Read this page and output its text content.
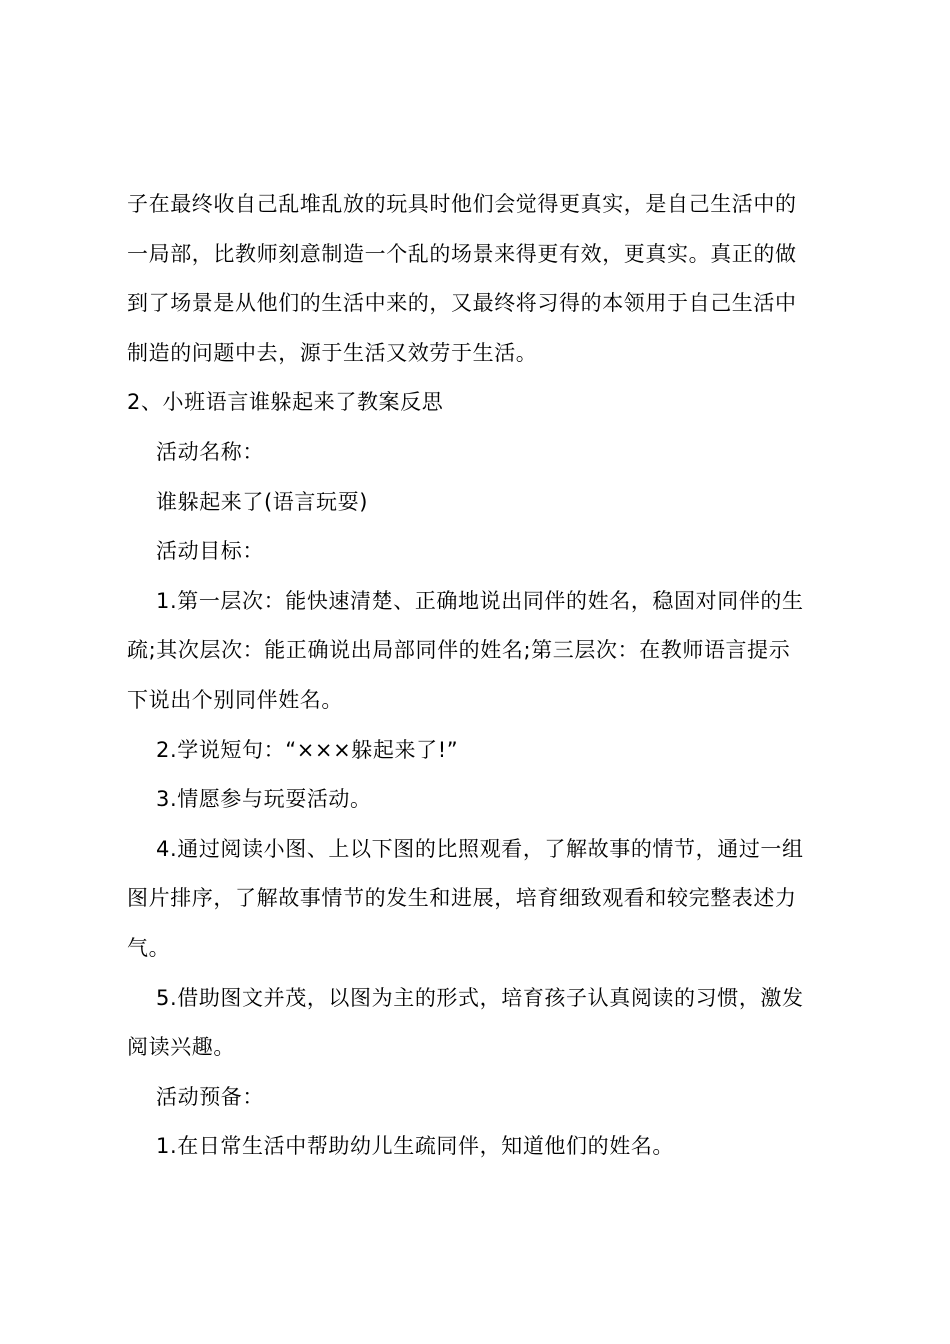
子在最终收自己乱堆乱放的玩具时他们会觉得更真实，是自己生活中的
一局部，比教师刻意制造一个乱的场景来得更有效，更真实。真正的做
到了场景是从他们的生活中来的，又最终将习得的本领用于自己生活中
制造的问题中去，源于生活又效劳于生活。
2、小班语言谁躲起来了教案反思
活动名称：
谁躲起来了(语言玩耍)
活动目标：
1.第一层次：能快速清楚、正确地说出同伴的姓名，稳固对同伴的生
疏;其次层次：能正确说出局部同伴的姓名;第三层次：在教师语言提示
下说出个别同伴姓名。
2.学说短句：“×××躲起来了!”
3.情愿参与玩耍活动。
4.通过阅读小图、上以下图的比照观看，了解故事的情节，通过一组
图片排序，了解故事情节的发生和进展，培育细致观看和较完整表述力
气。
5.借助图文并茂，以图为主的形式，培育孩子认真阅读的习惯，激发
阅读兴趣。
活动预备：
1.在日常生活中帮助幼儿生疏同伴，知道他们的姓名。
